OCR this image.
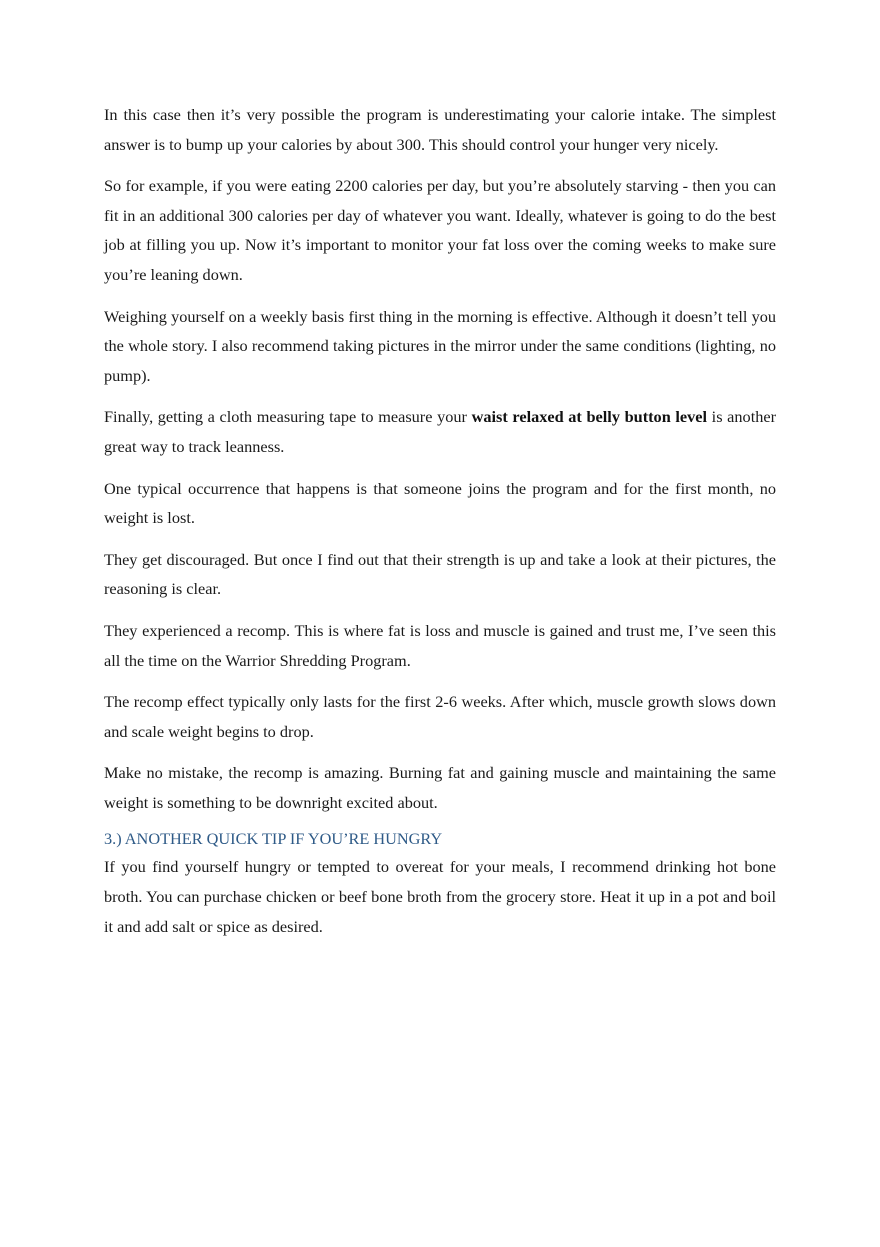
In this case then it’s very possible the program is underestimating your calorie intake. The simplest answer is to bump up your calories by about 300. This should control your hunger very nicely.

So for example, if you were eating 2200 calories per day, but you’re absolutely starving - then you can fit in an additional 300 calories per day of whatever you want. Ideally, whatever is going to do the best job at filling you up. Now it’s important to monitor your fat loss over the coming weeks to make sure you’re leaning down.

Weighing yourself on a weekly basis first thing in the morning is effective. Although it doesn’t tell you the whole story. I also recommend taking pictures in the mirror under the same conditions (lighting, no pump).

Finally, getting a cloth measuring tape to measure your waist relaxed at belly button level is another great way to track leanness.

One typical occurrence that happens is that someone joins the program and for the first month, no weight is lost.

They get discouraged. But once I find out that their strength is up and take a look at their pictures, the reasoning is clear.

They experienced a recomp. This is where fat is loss and muscle is gained and trust me, I’ve seen this all the time on the Warrior Shredding Program.

The recomp effect typically only lasts for the first 2-6 weeks. After which, muscle growth slows down and scale weight begins to drop.

Make no mistake, the recomp is amazing. Burning fat and gaining muscle and maintaining the same weight is something to be downright excited about.

3.) ANOTHER QUICK TIP IF YOU’RE HUNGRY

If you find yourself hungry or tempted to overeat for your meals, I recommend drinking hot bone broth. You can purchase chicken or beef bone broth from the grocery store. Heat it up in a pot and boil it and add salt or spice as desired.
